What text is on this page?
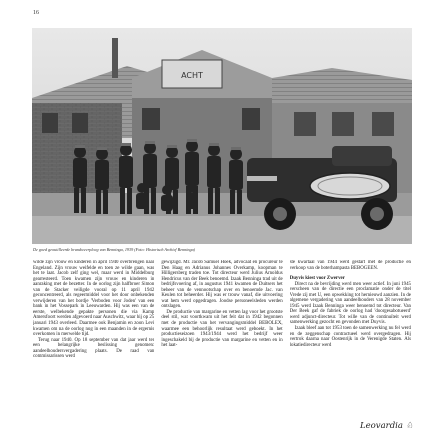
16
ACHT
De goed geoutilleerde brandweerploeg van Benninga, 1939 (Foto: Historisch Archief Benninga)

wilde zijn vrouw en kinderen in april 1940 overbrengen naar Engeland. Zijn vrouw weifelde en toen ze wilde gaan, was het te laat. Jacob zelf ging wel, maar werd in Middelburg gearresteerd. Toen kwamen zijn vrouw en kinderen in aanraking met de bezetter. In de oorlog zijn halfbroer Simon van de Stacker veiligde vooral op 11 april 1942 geconcentreerd, als regeermiddel voor het door onbekenden verwijderen van het bordje 'Verboden voor Joden' van een bank in het Vossepark in Leeuwarden. Hij was een van de eerste, welbekende gepakte personen die via Kamp Amersfoort werden afgevoerd naar Auschwitz, waar hij op 25 januari 1943 overleed. Daarmee ook Benjamin en zoon Levi kwamen om na de oorlog nog in een maanden in de ergernis overkomen in merwelde tijd.

Terug naar 1940. Op 18 september van dat jaar werd ter een belangrijke beslissing genomen: aandeelhoudersvergadering plaats. De raad van commissarissen werd

gewijzigd. Mr. Jacob Samuel Hoek, advocaat en procureur te Den Haag en Adrianus Johannes Overkamp, koopman te Hilligersberg traden toe. Tot directeur werd Julius Arnoldus Hendricus van der Beek benoemd. Izaak Benninga trad uit de bedrijfsvoering af, in augustus 1941 kwamen de Duitsers het beheer van de vennootschap over en benoemde Jac. van Keulen tot beheerder. Hij was er trouw vanaf, die uitvoering wat hem werd opgedragen. Joodse personeelsleden werden ontslagen.

De productie van margarine en vetten lag voor het grootste deel stil, wat voortkwam uit het feit dat in 1942 begonnen met de productie van het vervangingsmiddel BEBOLEX, waarmee een behoorlijk resultaat werd geboekt. In het productieseizoen 1943/1944 werd het bedrijf weer ingeschakeld bij de productie van margarine en vetten en in het laat-

ste kwartaal van 1944 werd gestart met de productie en verkoop van de boterhampasta BEBOGEEN.

Duyvis kiest voor Zwerver

Direct na de bevrijding werd men weer actief. In juni 1945 verscheen van de directie een proclamatie onder de titel Vrede zij met U, een opwekking tot hernieuwd aanzien. In de algemene vergadering van aandeelhouders van 28 november 1945 werd Izaak Benninga weer benoemd tot directeur. Van Der Beek gaf de fabriek de oorlog had 'doorgesabotueerd' werd adjunct-directeur. Tot wille van de continuïteit werd samenwerking gezocht en gevonden met Duyvis.

Izaak bleef aan tot 1953 toen de samenwerking nu fel werd en de zeggenschap contractueel werd overgedragen. Hij vertrok daarna naar Oostenrijk in de Verenigde Staten. Als lokatiedirecteur werd

Leovardia ♘
